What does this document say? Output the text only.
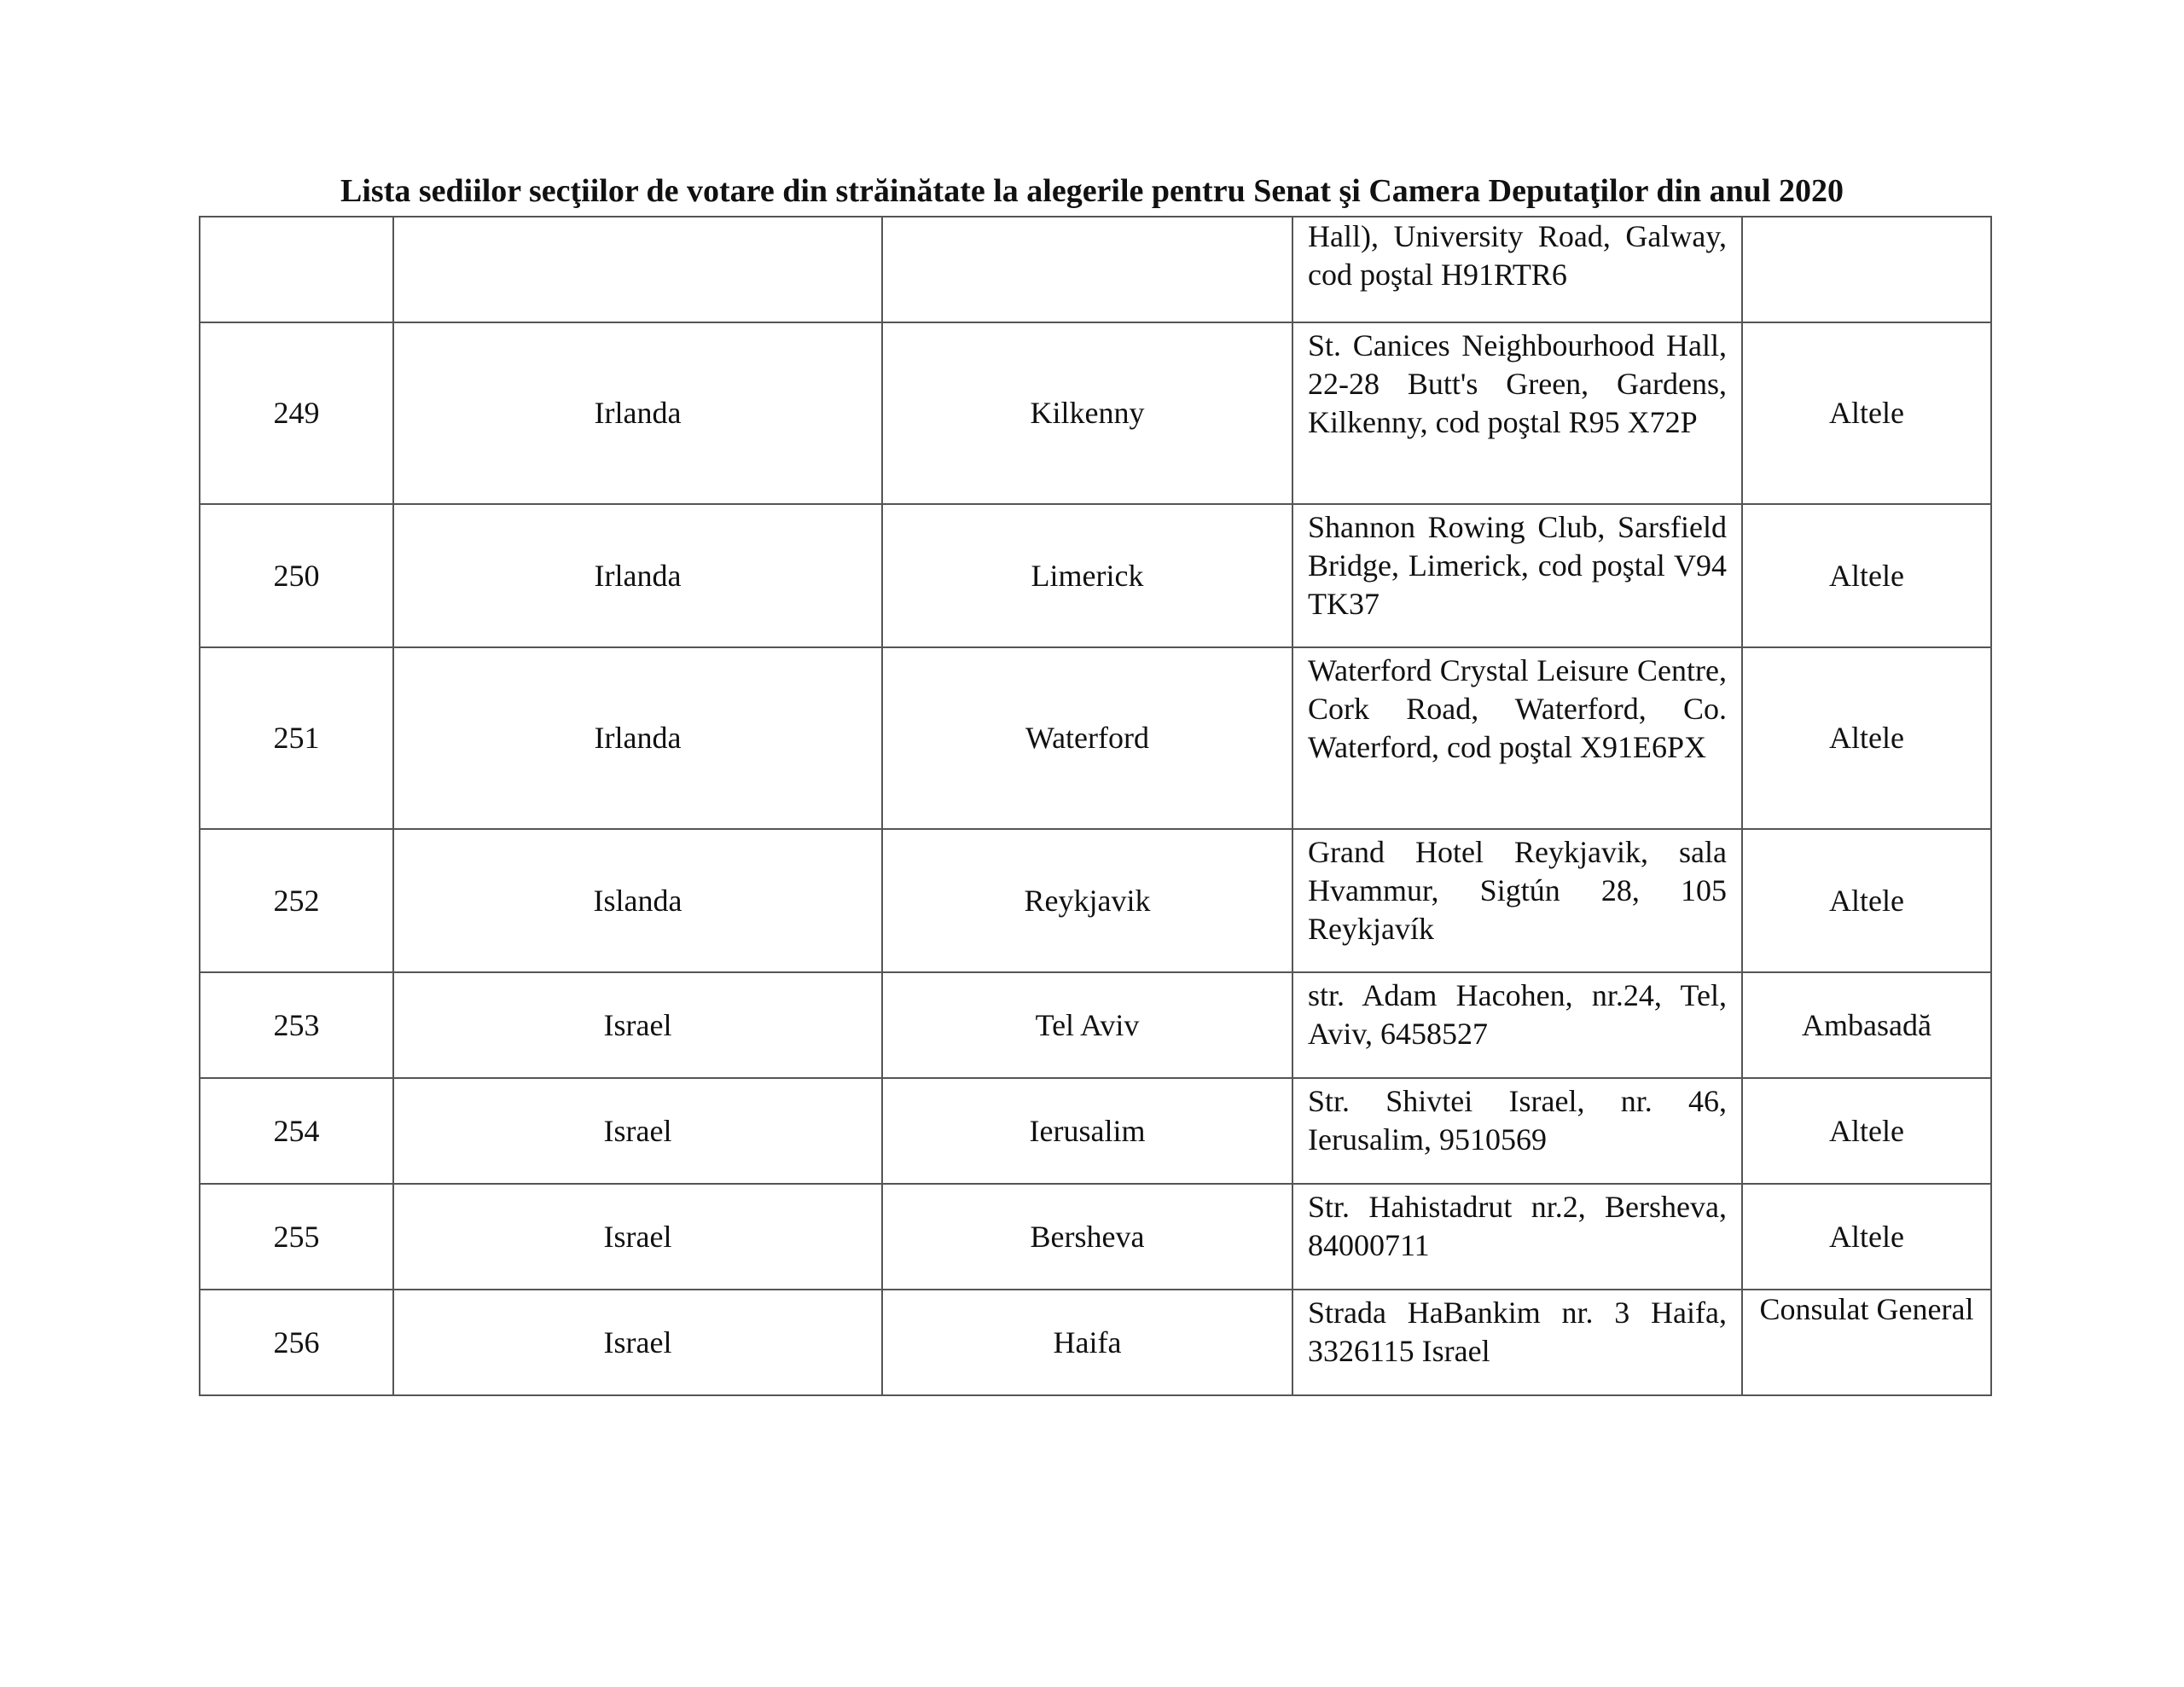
Lista sediilor secţiilor de votare din străinătate la alegerile pentru Senat şi Camera Deputaţilor din anul 2020
			Hall), University Road, Galway, cod poştal H91RTR6	
249	Irlanda	Kilkenny	St. Canices Neighbourhood Hall, 22-28 Butt's Green, Gardens, Kilkenny, cod poştal R95 X72P	Altele
250	Irlanda	Limerick	Shannon Rowing Club, Sarsfield Bridge, Limerick, cod poştal V94 TK37	Altele
251	Irlanda	Waterford	Waterford Crystal Leisure Centre, Cork Road, Waterford, Co. Waterford, cod poştal X91E6PX	Altele
252	Islanda	Reykjavik	Grand Hotel Reykjavik, sala Hvammur, Sigtún 28, 105 Reykjavík	Altele
253	Israel	Tel Aviv	str. Adam Hacohen, nr.24, Tel, Aviv, 6458527	Ambasadă
254	Israel	Ierusalim	Str. Shivtei Israel, nr. 46, Ierusalim, 9510569	Altele
255	Israel	Bersheva	Str. Hahistadrut nr.2, Bersheva, 84000711	Altele
256	Israel	Haifa	Strada HaBankim nr. 3 Haifa, 3326115 Israel	Consulat General
